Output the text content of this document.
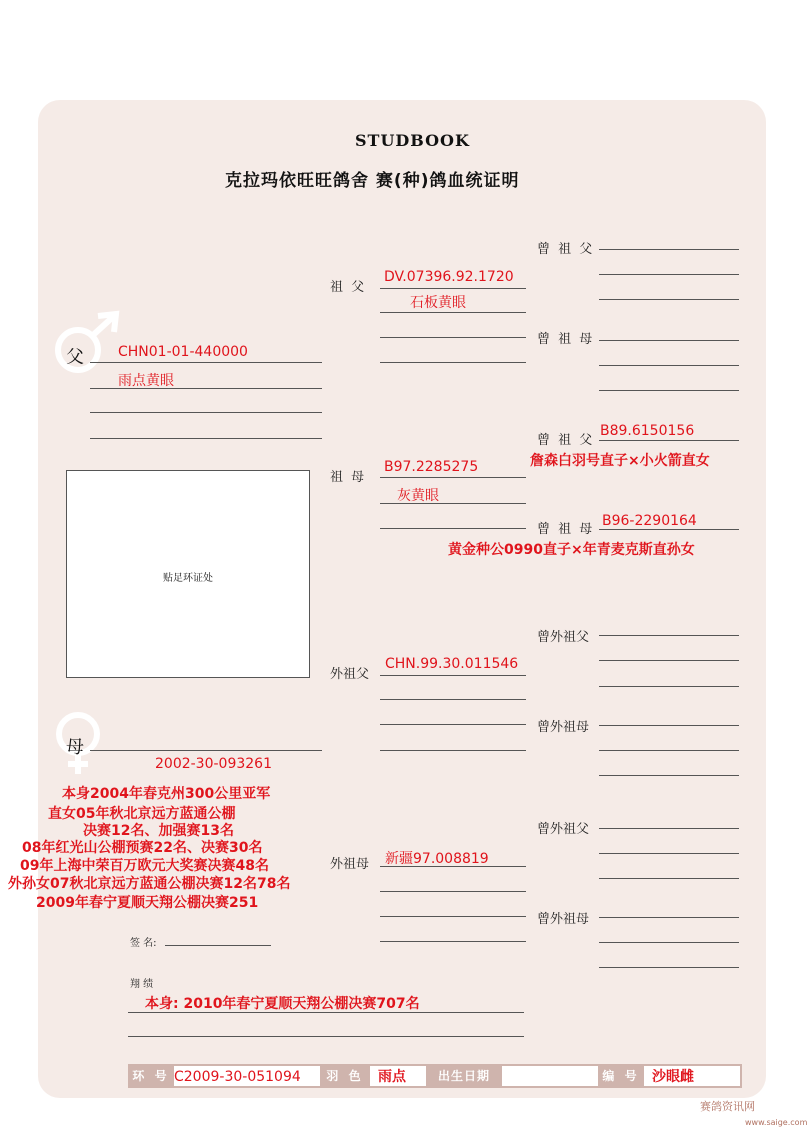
STUDBOOK
克拉玛依旺旺鸽舍 赛(种)鸽血统证明
父 CHN01-01-440000
雨点黄眼
贴足环证处
母
2002-30-093261
本身2004年春克州300公里亚军
直女05年秋北京远方蓝通公棚
决赛12名、加强赛13名
08年红光山公棚预赛22名、决赛30名
09年上海中荣百万欧元大奖赛决赛48名
外孙女07秋北京远方蓝通公棚决赛12名78名
2009年春宁夏顺天翔公棚决赛251
签 名:
翔 绩
本身: 2010年春宁夏顺天翔公棚决赛707名
祖 父
DV.07396.92.1720
石板黄眼
祖 母
B97.2285275
灰黄眼
外祖父
CHN.99.30.011546
外祖母 新疆97.008819
曾 祖 父
曾 祖 母
曾 祖 父
B89.6150156
詹森白羽号直子×小火箭直女
曾 祖 母
B96-2290164
黄金种公0990直子×年青麦克斯直孙女
曾外祖父
曾外祖母
曾外祖父
曾外祖母
环 号 C2009-30-051094	羽 色	雨点	出生日期	编 号 沙眼雌
赛鸽资讯网
www.saige.com
